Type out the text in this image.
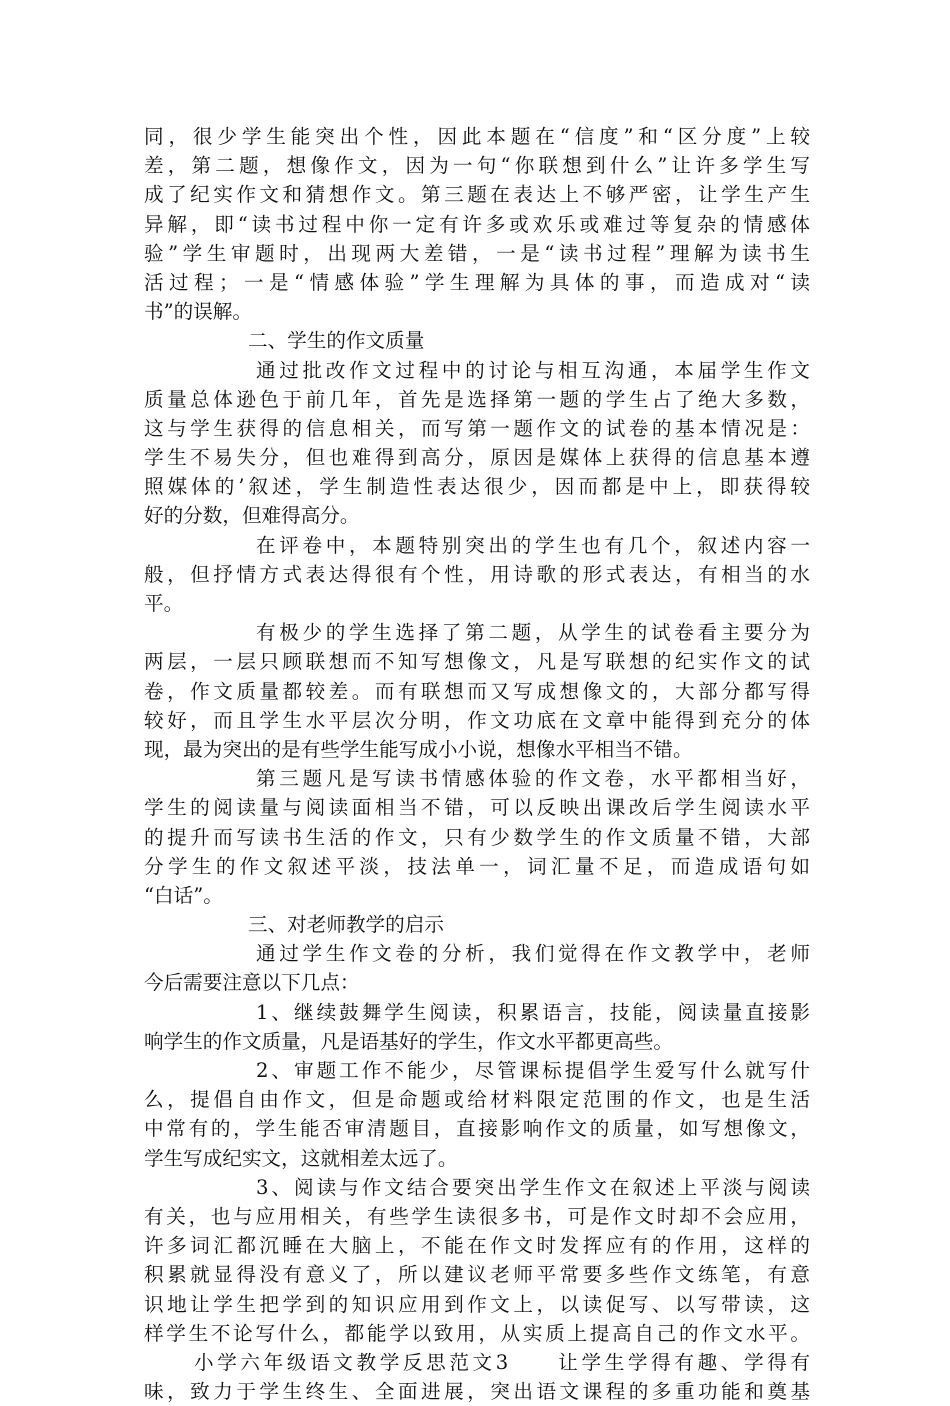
同，很少学生能突出个性，因此本题在“信度”和“区分度”上较
差，第二题，想像作文，因为一句“你联想到什么”让许多学生写
成了纪实作文和猜想作文。第三题在表达上不够严密，让学生产生
异解，即“读书过程中你一定有许多或欢乐或难过等复杂的情感体
验”学生审题时，出现两大差错，一是“读书过程”理解为读书生
活过程；一是“情感体验”学生理解为具体的事，而造成对“读
书”的误解。
二、学生的作文质量
通过批改作文过程中的讨论与相互沟通，本届学生作文
质量总体逊色于前几年，首先是选择第一题的学生占了绝大多数，
这与学生获得的信息相关，而写第一题作文的试卷的基本情况是：
学生不易失分，但也难得到高分，原因是媒体上获得的信息基本遵
照媒体的’叙述，学生制造性表达很少，因而都是中上，即获得较
好的分数，但难得高分。
在评卷中，本题特别突出的学生也有几个，叙述内容一
般，但抒情方式表达得很有个性，用诗歌的形式表达，有相当的水
平。
有极少的学生选择了第二题，从学生的试卷看主要分为
两层，一层只顾联想而不知写想像文，凡是写联想的纪实作文的试
卷，作文质量都较差。而有联想而又写成想像文的，大部分都写得
较好，而且学生水平层次分明，作文功底在文章中能得到充分的体
现，最为突出的是有些学生能写成小小说，想像水平相当不错。
第三题凡是写读书情感体验的作文卷，水平都相当好，
学生的阅读量与阅读面相当不错，可以反映出课改后学生阅读水平
的提升而写读书生活的作文，只有少数学生的作文质量不错，大部
分学生的作文叙述平淡，技法单一，词汇量不足，而造成语句如
“白话”。
三、对老师教学的启示
通过学生作文卷的分析，我们觉得在作文教学中，老师
今后需要注意以下几点：
1、继续鼓舞学生阅读，积累语言，技能，阅读量直接影
响学生的作文质量，凡是语基好的学生，作文水平都更高些。
2、审题工作不能少，尽管课标提倡学生爱写什么就写什
么，提倡自由作文，但是命题或给材料限定范围的作文，也是生活
中常有的，学生能否审清题目，直接影响作文的质量，如写想像文，
学生写成纪实文，这就相差太远了。
3、阅读与作文结合要突出学生作文在叙述上平淡与阅读
有关，也与应用相关，有些学生读很多书，可是作文时却不会应用，
许多词汇都沉睡在大脑上，不能在作文时发挥应有的作用，这样的
积累就显得没有意义了，所以建议老师平常要多些作文练笔，有意
识地让学生把学到的知识应用到作文上，以读促写、以写带读，这
样学生不论写什么，都能学以致用，从实质上提高自己的作文水平。
小学六年级语文教学反思范文3　　让学生学得有趣、学得有
味，致力于学生终生、全面进展，突出语文课程的多重功能和奠基
